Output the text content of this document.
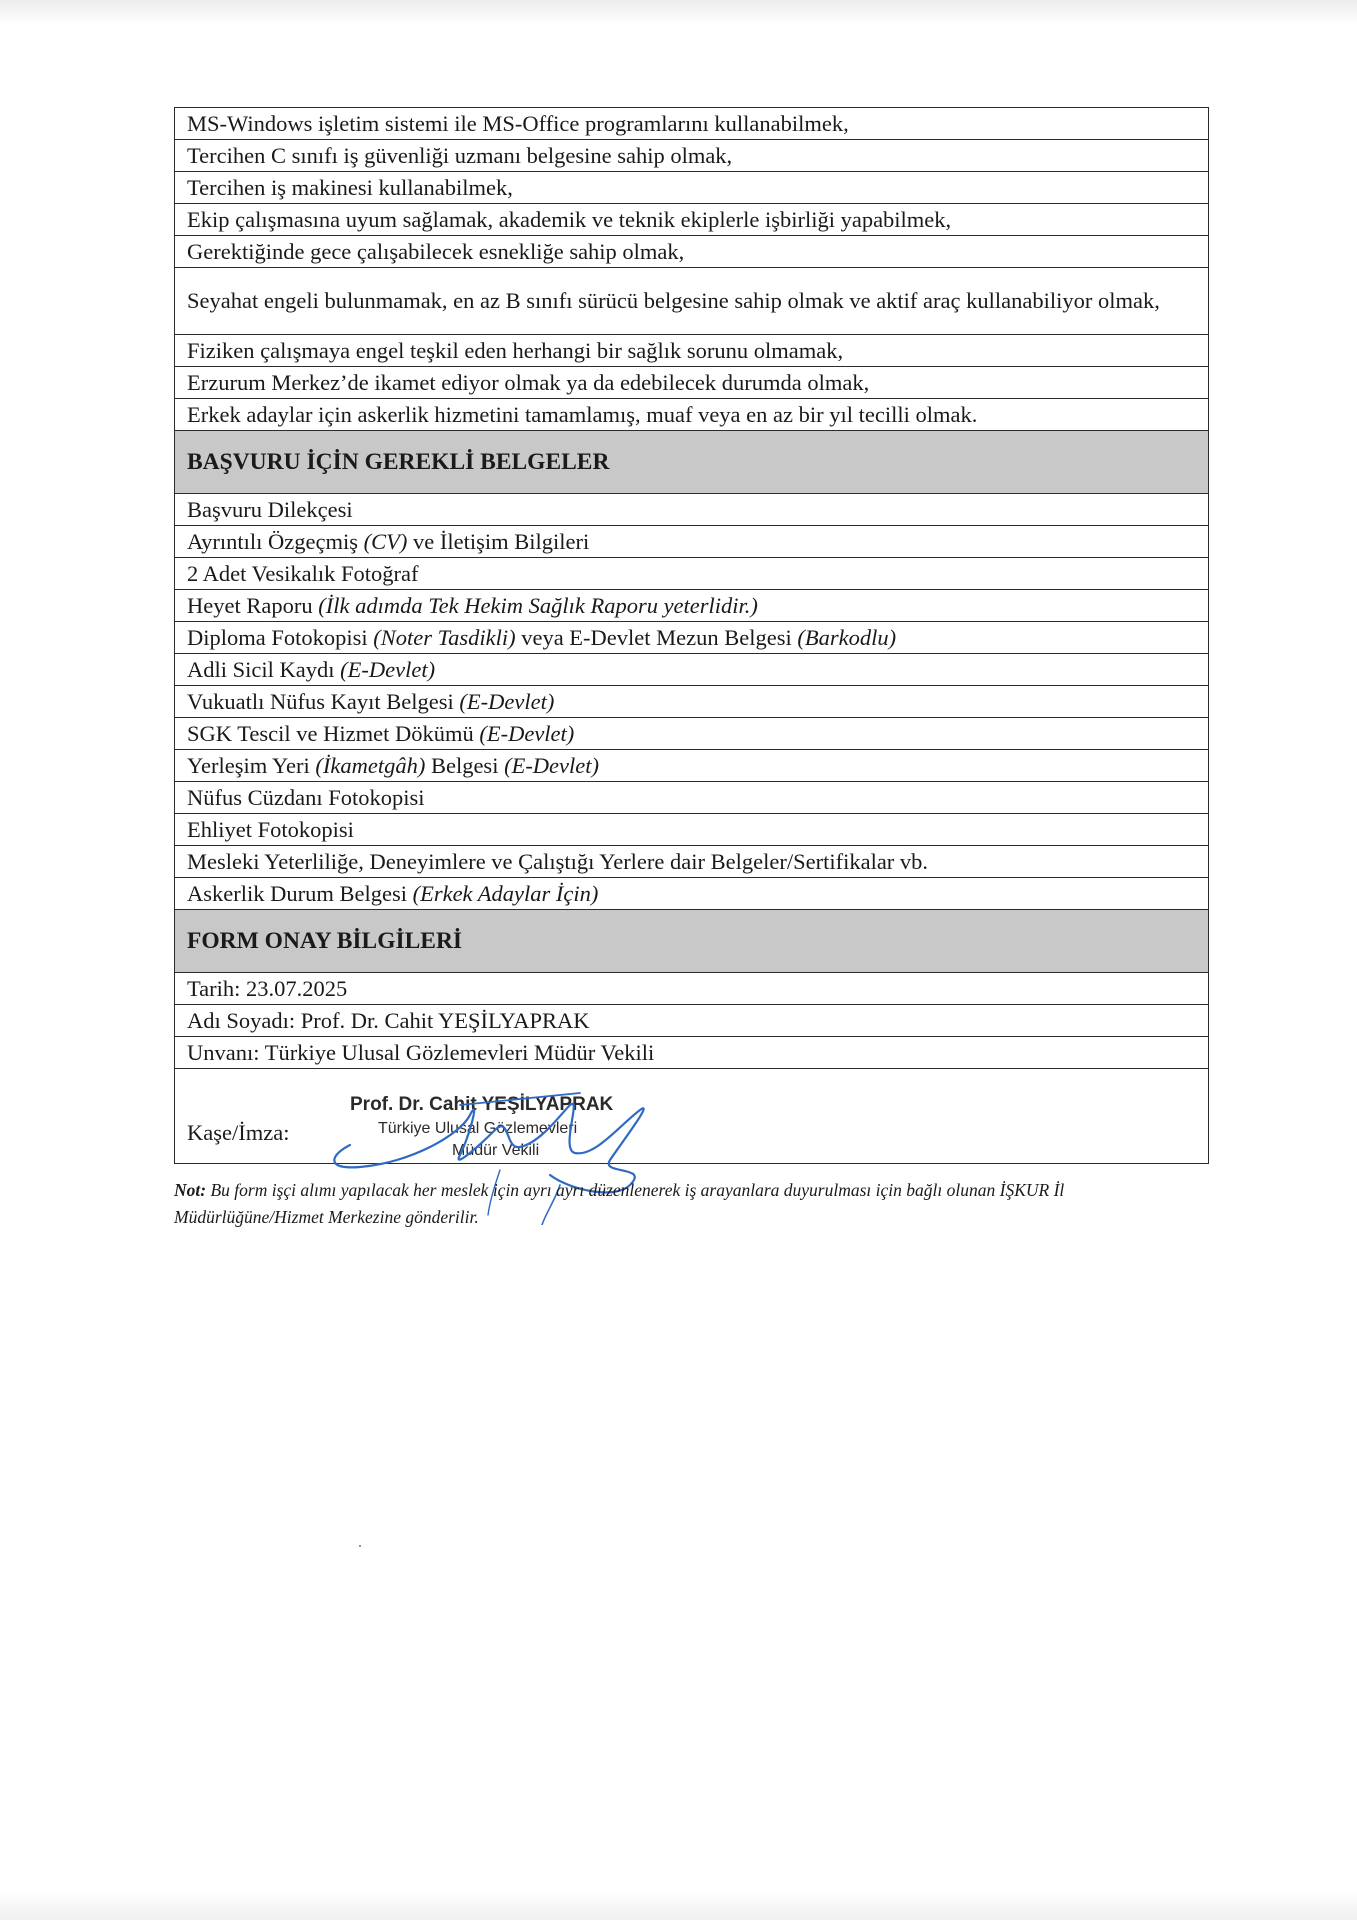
MS-Windows işletim sistemi ile MS-Office programlarını kullanabilmek,
Tercihen C sınıfı iş güvenliği uzmanı belgesine sahip olmak,
Tercihen iş makinesi kullanabilmek,
Ekip çalışmasına uyum sağlamak, akademik ve teknik ekiplerle işbirliği yapabilmek,
Gerektiğinde gece çalışabilecek esnekliğe sahip olmak,
Seyahat engeli bulunmamak, en az B sınıfı sürücü belgesine sahip olmak ve aktif araç kullanabiliyor olmak,
Fiziken çalışmaya engel teşkil eden herhangi bir sağlık sorunu olmamak,
Erzurum Merkez’de ikamet ediyor olmak ya da edebilecek durumda olmak,
Erkek adaylar için askerlik hizmetini tamamlamış, muaf veya en az bir yıl tecilli olmak.
BAŞVURU İÇİN GEREKLİ BELGELER
Başvuru Dilekçesi
Ayrıntılı Özgeçmiş (CV) ve İletişim Bilgileri
2 Adet Vesikalık Fotoğraf
Heyet Raporu (İlk adımda Tek Hekim Sağlık Raporu yeterlidir.)
Diploma Fotokopisi (Noter Tasdikli) veya E-Devlet Mezun Belgesi (Barkodlu)
Adli Sicil Kaydı (E-Devlet)
Vukuatlı Nüfus Kayıt Belgesi (E-Devlet)
SGK Tescil ve Hizmet Dökümü (E-Devlet)
Yerleşim Yeri (İkametgâh) Belgesi (E-Devlet)
Nüfus Cüzdanı Fotokopisi
Ehliyet Fotokopisi
Mesleki Yeterliliğe, Deneyimlere ve Çalıştığı Yerlere dair Belgeler/Sertifikalar vb.
Askerlik Durum Belgesi (Erkek Adaylar İçin)
FORM ONAY BİLGİLERİ
Tarih: 23.07.2025
Adı Soyadı: Prof. Dr. Cahit YEŞİLYAPRAK
Unvanı: Türkiye Ulusal Gözlemevleri Müdür Vekili

Kaşe/İmza:
Prof. Dr. Cahit YEŞİLYAPRAK
Türkiye Ulusal Gözlemevleri
Müdür Vekili
Not: Bu form işçi alımı yapılacak her meslek için ayrı ayrı düzenlenerek iş arayanlara duyurulması için bağlı olunan İŞKUR İl Müdürlüğüne/Hizmet Merkezine gönderilir.
